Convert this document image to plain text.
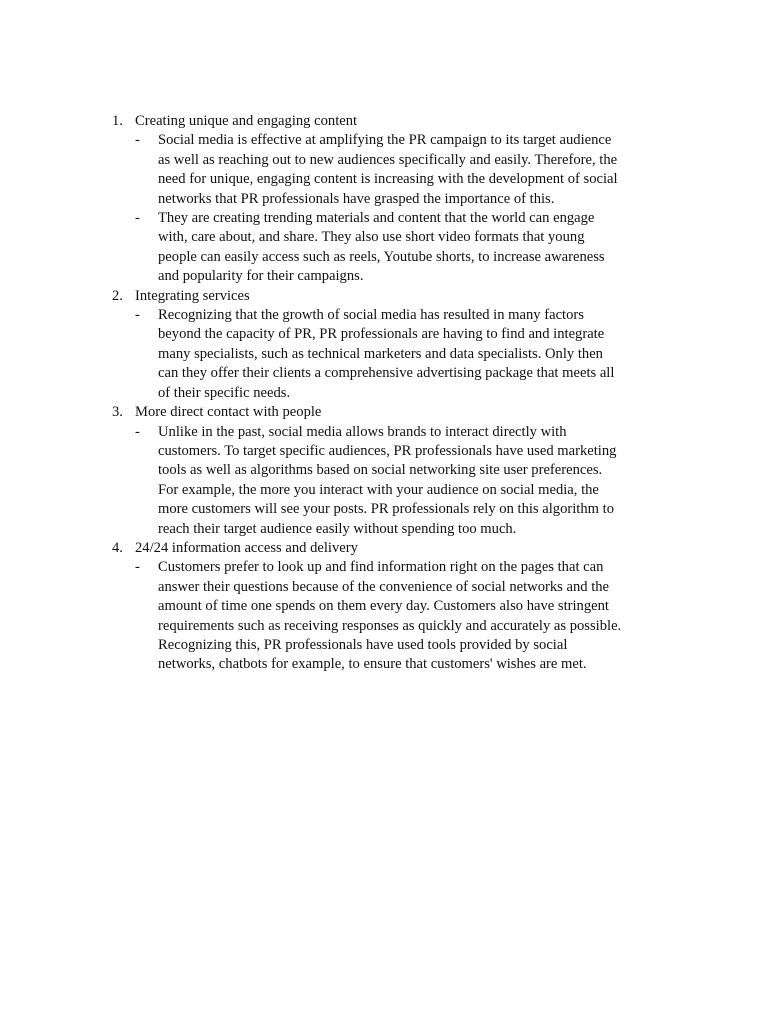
1. Creating unique and engaging content
- Social media is effective at amplifying the PR campaign to its target audience
as well as reaching out to new audiences specifically and easily. Therefore, the
need for unique, engaging content is increasing with the development of social
networks that PR professionals have grasped the importance of this.
- They are creating trending materials and content that the world can engage
with, care about, and share. They also use short video formats that young
people can easily access such as reels, Youtube shorts, to increase awareness
and popularity for their campaigns.
2. Integrating services
- Recognizing that the growth of social media has resulted in many factors
beyond the capacity of PR, PR professionals are having to find and integrate
many specialists, such as technical marketers and data specialists. Only then
can they offer their clients a comprehensive advertising package that meets all
of their specific needs.
3. More direct contact with people
- Unlike in the past, social media allows brands to interact directly with
customers. To target specific audiences, PR professionals have used marketing
tools as well as algorithms based on social networking site user preferences.
For example, the more you interact with your audience on social media, the
more customers will see your posts. PR professionals rely on this algorithm to
reach their target audience easily without spending too much.
4. 24/24 information access and delivery
- Customers prefer to look up and find information right on the pages that can
answer their questions because of the convenience of social networks and the
amount of time one spends on them every day. Customers also have stringent
requirements such as receiving responses as quickly and accurately as possible.
Recognizing this, PR professionals have used tools provided by social
networks, chatbots for example, to ensure that customers' wishes are met.
